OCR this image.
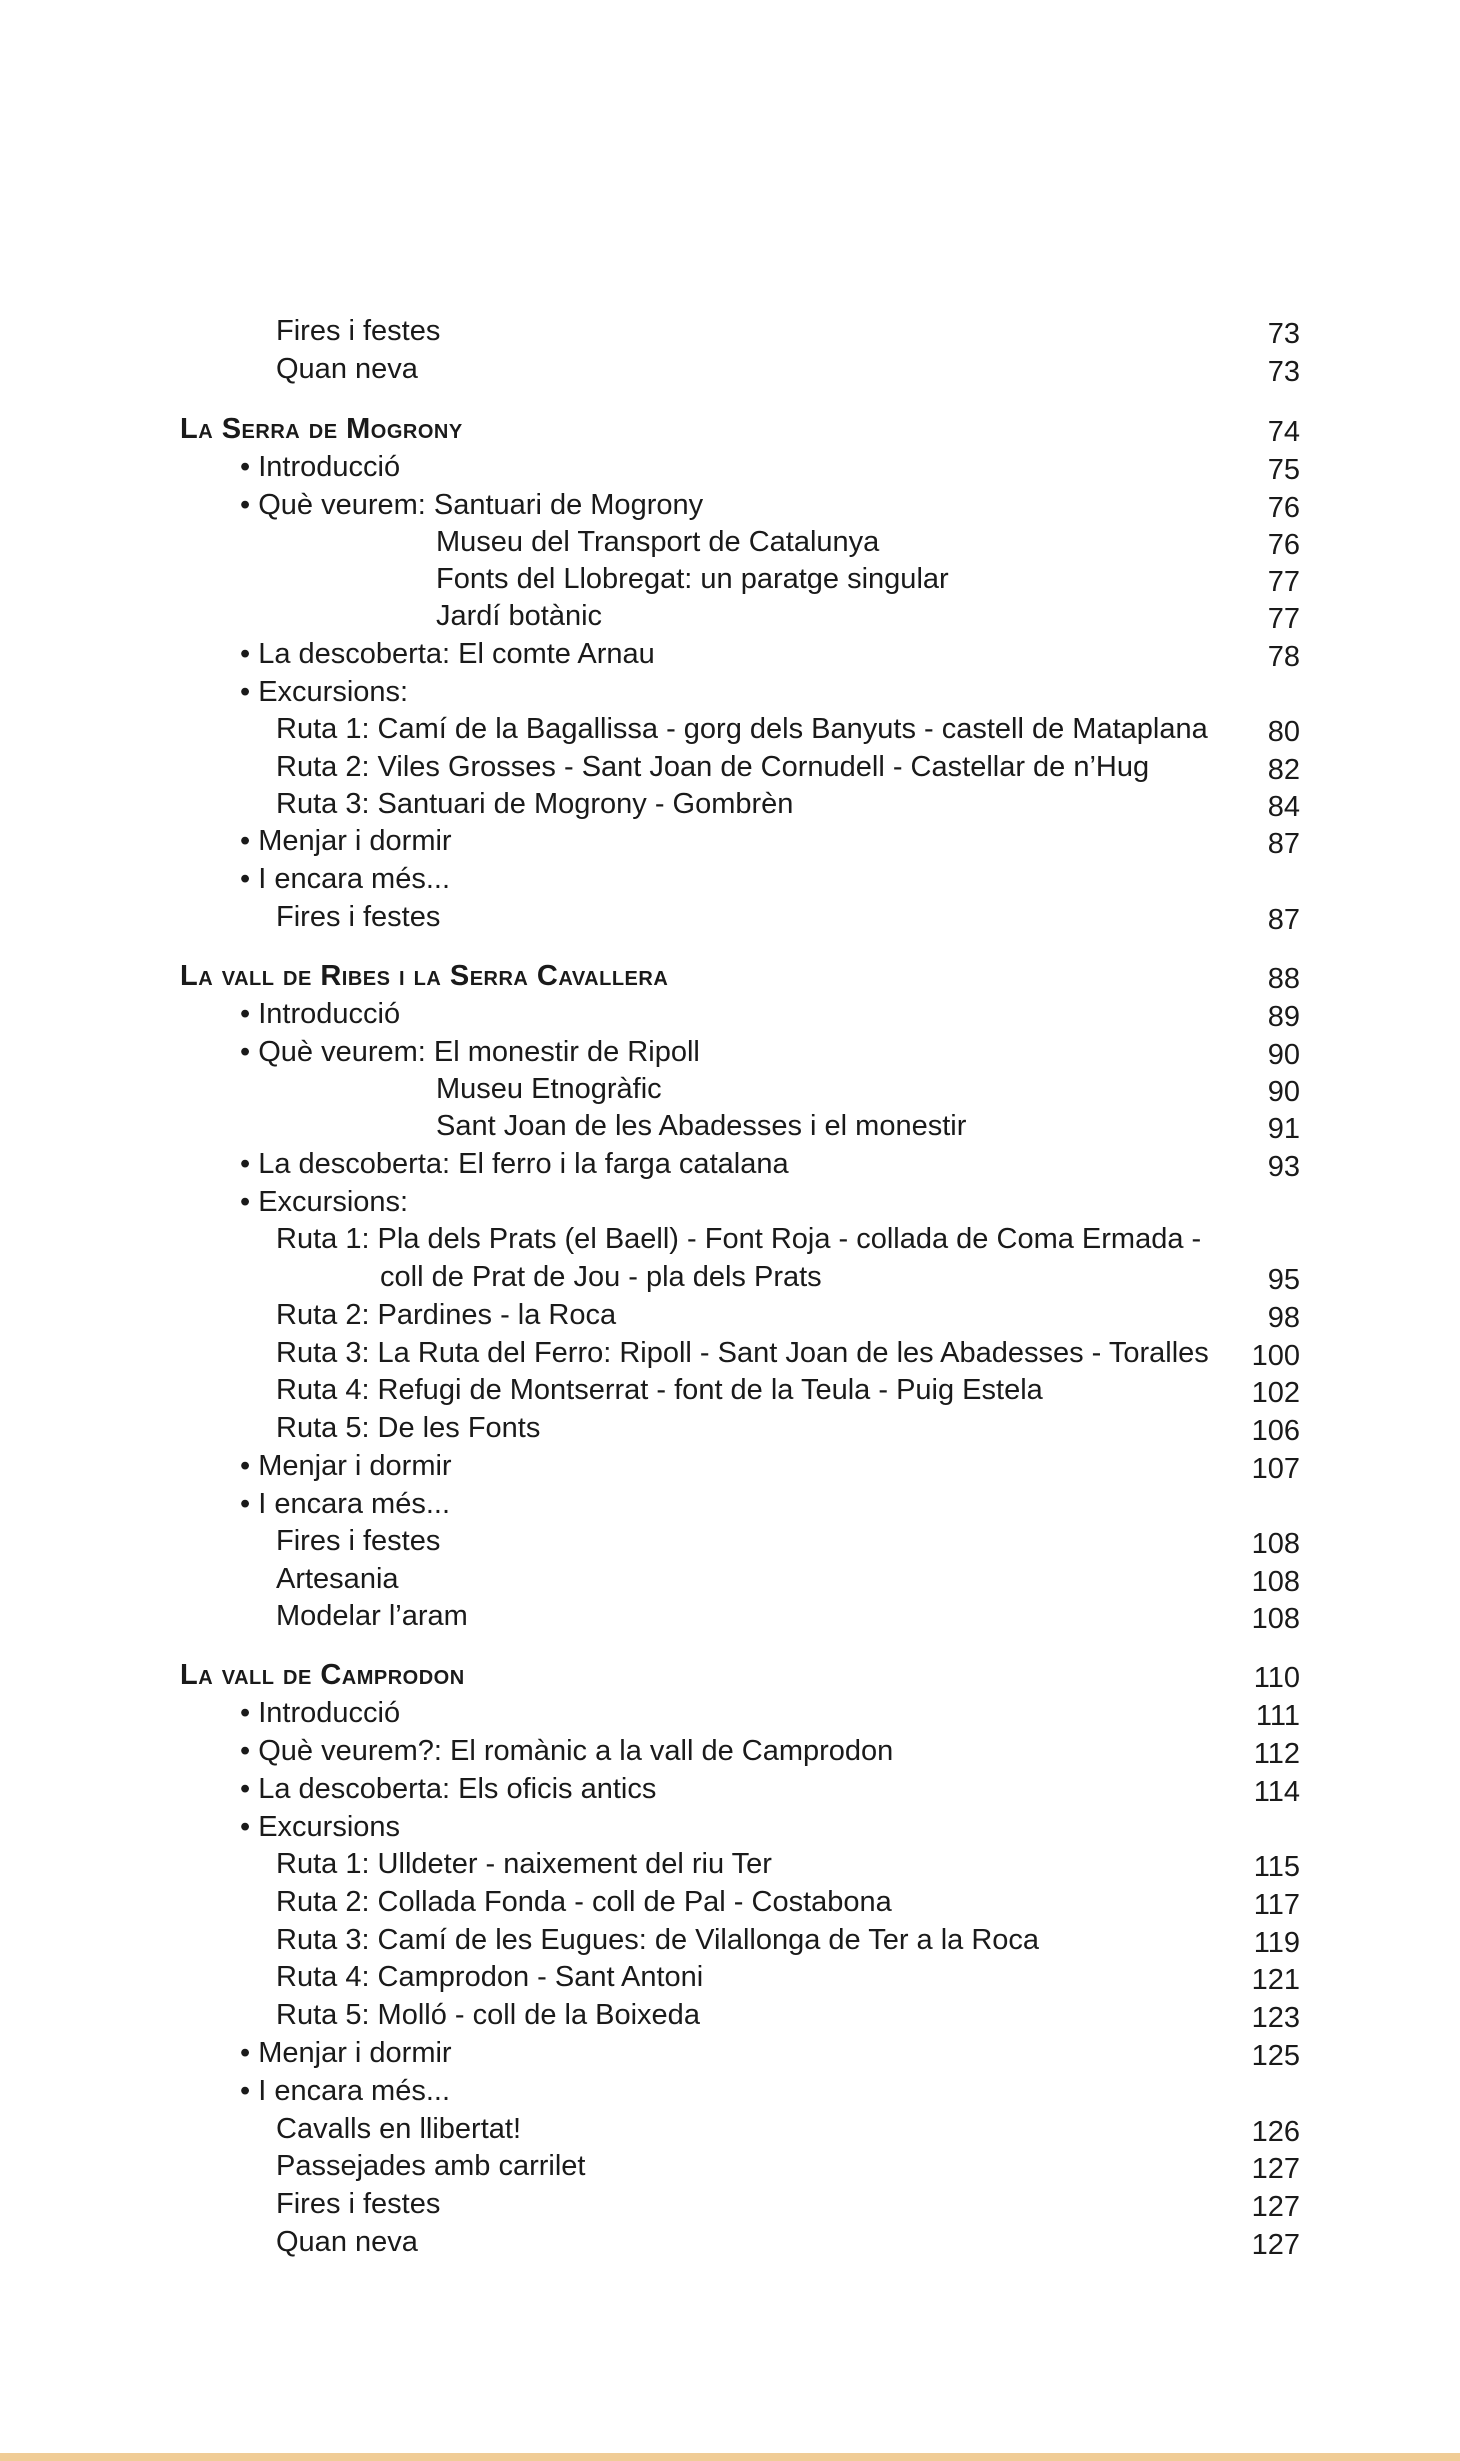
Fires i festes	73
Quan neva	73
La Serra de Mogrony	74
• Introducció	75
• Què veurem: Santuari de Mogrony	76
Museu del Transport de Catalunya	76
Fonts del Llobregat: un paratge singular	77
Jardí botànic	77
• La descoberta: El comte Arnau	78
• Excursions:
Ruta 1: Camí de la Bagallissa - gorg dels Banyuts - castell de Mataplana 80
Ruta 2: Viles Grosses - Sant Joan de Cornudell - Castellar de n’Hug	82
Ruta 3: Santuari de Mogrony - Gombrèn	84
• Menjar i dormir	87
• I encara més...
Fires i festes	87
La vall de Ribes i la Serra Cavallera	88
• Introducció	89
• Què veurem: El monestir de Ripoll	90
Museu Etnogràfic	90
Sant Joan de les Abadesses i el monestir	91
• La descoberta: El ferro i la farga catalana	93
• Excursions:
Ruta 1: Pla dels Prats (el Baell) - Font Roja - collada de Coma Ermada -
coll de Prat de Jou - pla dels Prats	95
Ruta 2: Pardines - la Roca	98
Ruta 3: La Ruta del Ferro: Ripoll - Sant Joan de les Abadesses - Toralles 100
Ruta 4: Refugi de Montserrat - font de la Teula - Puig Estela	102
Ruta 5: De les Fonts	106
• Menjar i dormir	107
• I encara més...
Fires i festes	108
Artesania	108
Modelar l’aram	108
La vall de Camprodon	110
• Introducció	111
• Què veurem?: El romànic a la vall de Camprodon	112
• La descoberta: Els oficis antics	114
• Excursions
Ruta 1: Ulldeter - naixement del riu Ter	115
Ruta 2: Collada Fonda - coll de Pal - Costabona	117
Ruta 3: Camí de les Eugues: de Vilallonga de Ter a la Roca	119
Ruta 4: Camprodon - Sant Antoni	121
Ruta 5: Molló - coll de la Boixeda	123
• Menjar i dormir	125
• I encara més...
Cavalls en llibertat!	126
Passejades amb carrilet	127
Fires i festes	127
Quan neva	127
